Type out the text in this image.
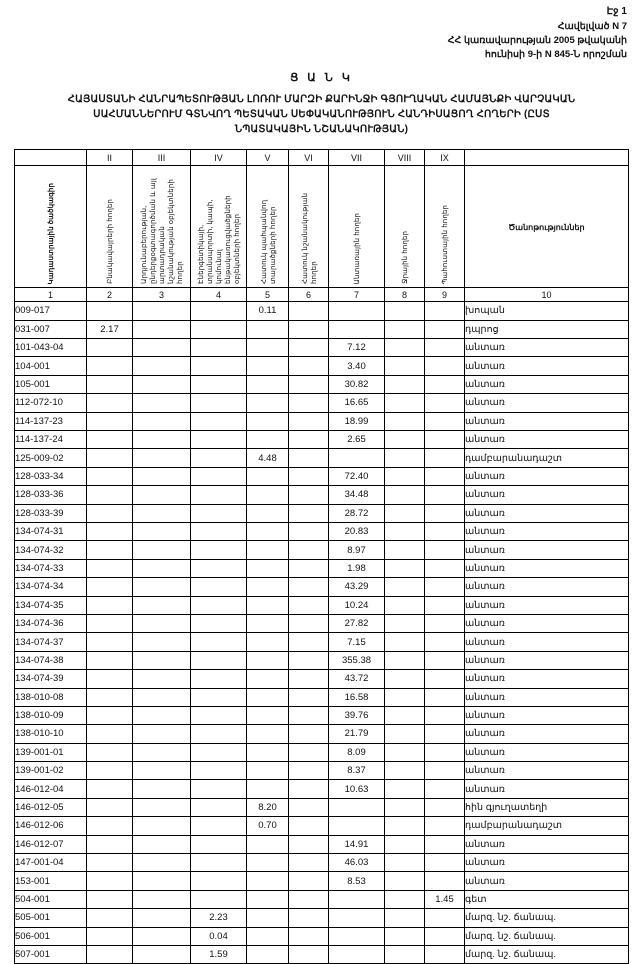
Էջ 1
Հավելված N 7
ՀՀ կառավարության 2005 թվականի
հունիսի 9-ի N 845-Ն որոշման
Ց Ա Ն Կ
ՀԱՅԱՍՏԱՆԻ ՀԱՆՐԱՊԵՏՈՒԹՅԱՆ ԼՈՌՈՒ ՄԱՐԶԻ ՔԱՐԻՆՋԻ ԳՅՈՒՂԱԿԱՆ ՀԱՄԱՅՆՔԻ ՎԱՐՉԱԿԱՆ
ՍԱՀՄԱՆՆԵՐՈՒՄ ԳՏՆՎՈՂ ՊԵՏԱԿԱՆ ՍԵՓԱԿԱՆՈՒԹՅՈՒՆ ՀԱՆԴԻՍԱՑՈՂ ՀՈՂԵՐԻ (ԸՍՏ
ՆՊԱՏԱԿԱՅԻՆ ՆՇԱՆԱԿՈՒԹՅԱՆ)
	II	III	IV	V	VI	VII	VIII	IX	

Կադաստրային ծածկագիր	Բնակավայրերի հողեր	Արդյունաբերության, ընդերքօգտագործման և այլ արտադրական նշանակության օբյեկտների հողեր	Էներգետիկայի, տրանսպորտի, կապի, կոմունալ ենթակառուցվածքների օբյեկտների հողեր	Հատուկ պահպանվող տարածքների հողեր	Հատուկ նշանակության հողեր	Անտառային հողեր	Ջրային հողեր	Պահուստային հողեր	Ծանոթություններ

1	2	3	4	5	6	7	8	9	10
009-017				0.11					խոպան
031-007	2.17								դպրոց
101-043-04						7.12			անտառ
104-001						3.40			անտառ
105-001						30.82			անտառ
112-072-10						16.65			անտառ
114-137-23						18.99			անտառ
114-137-24						2.65			անտառ
125-009-02				4.48					դամբարանադաշտ
128-033-34						72.40			անտառ
128-033-36						34.48			անտառ
128-033-39						28.72			անտառ
134-074-31						20.83			անտառ
134-074-32						8.97			անտառ
134-074-33						1.98			անտառ
134-074-34						43.29			անտառ
134-074-35						10.24			անտառ
134-074-36						27.82			անտառ
134-074-37						7.15			անտառ
134-074-38						355.38			անտառ
134-074-39						43.72			անտառ
138-010-08						16.58			անտառ
138-010-09						39.76			անտառ
138-010-10						21.79			անտառ
139-001-01						8.09			անտառ
139-001-02						8.37			անտառ
146-012-04						10.63			անտառ
146-012-05				8.20					հին գյուղատեղի
146-012-06				0.70					դամբարանադաշտ
146-012-07						14.91			անտառ
147-001-04						46.03			անտառ
153-001						8.53			անտառ
504-001								1.45	գետ
505-001			2.23						մարզ. նշ. ճանապ.
506-001			0.04						մարզ. նշ. ճանապ.
507-001			1.59						մարզ. նշ. ճանապ.
